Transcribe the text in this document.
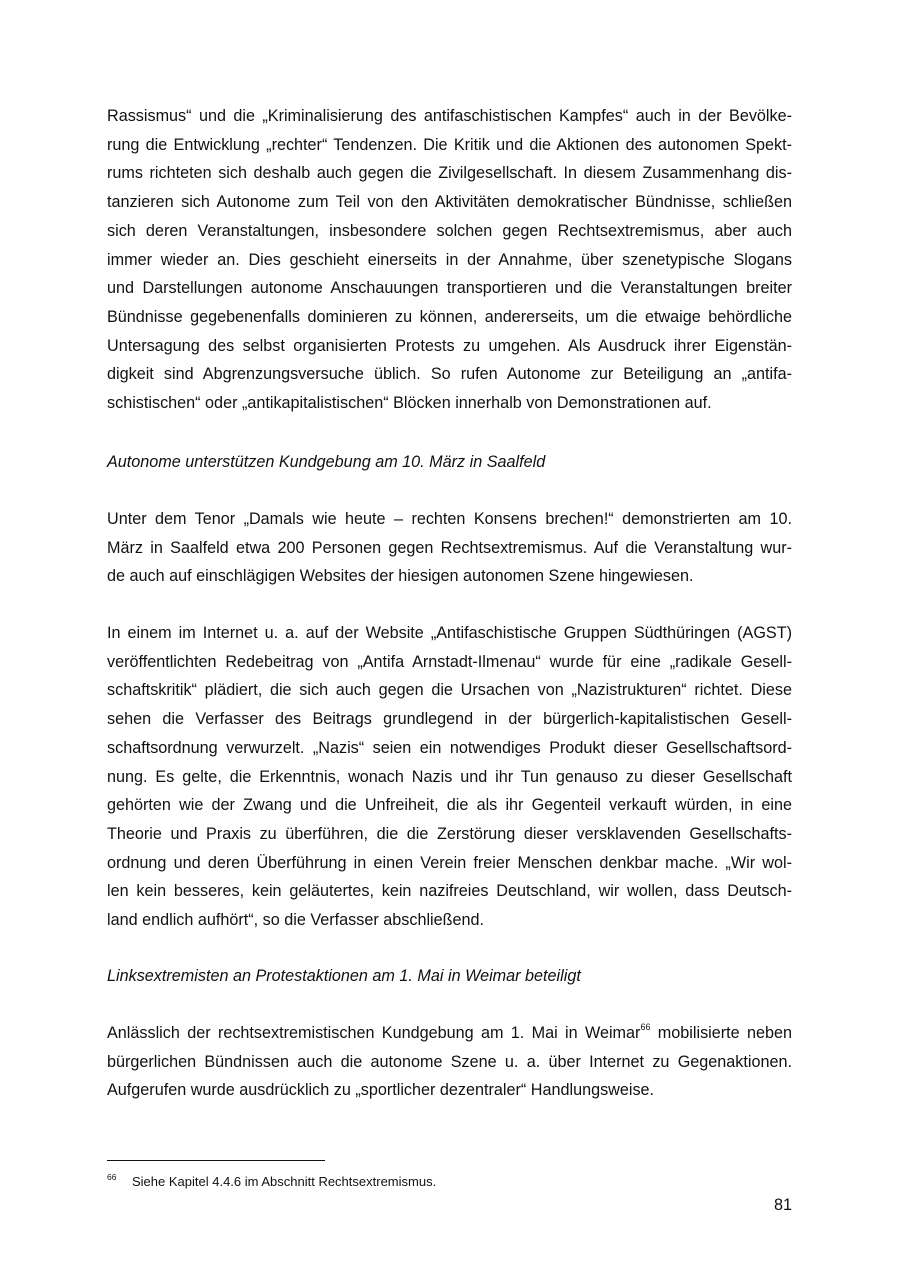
Rassismus“ und die „Kriminalisierung des antifaschistischen Kampfes“ auch in der Bevölke-
rung die Entwicklung „rechter“ Tendenzen. Die Kritik und die Aktionen des autonomen Spekt-
rums richteten sich deshalb auch gegen die Zivilgesellschaft. In diesem Zusammenhang dis-
tanzieren sich Autonome zum Teil von den Aktivitäten demokratischer Bündnisse, schließen
sich deren Veranstaltungen, insbesondere solchen gegen Rechtsextremismus, aber auch
immer wieder an. Dies geschieht einerseits in der Annahme, über szenetypische Slogans
und Darstellungen autonome Anschauungen transportieren und die Veranstaltungen breiter
Bündnisse gegebenenfalls dominieren zu können, andererseits, um die etwaige behördliche
Untersagung des selbst organisierten Protests zu umgehen. Als Ausdruck ihrer Eigenstän-
digkeit sind Abgrenzungsversuche üblich. So rufen Autonome zur Beteiligung an „antifa-
schistischen“ oder „antikapitalistischen“ Blöcken innerhalb von Demonstrationen auf.
Autonome unterstützen Kundgebung am 10. März in Saalfeld
Unter dem Tenor „Damals wie heute – rechten Konsens brechen!“ demonstrierten am 10.
März in Saalfeld etwa 200 Personen gegen Rechtsextremismus. Auf die Veranstaltung wur-
de auch auf einschlägigen Websites der hiesigen autonomen Szene hingewiesen.
In einem im Internet u. a. auf der Website „Antifaschistische Gruppen Südthüringen (AGST)
veröffentlichten Redebeitrag von „Antifa Arnstadt-Ilmenau“ wurde für eine „radikale Gesell-
schaftskritik“ plädiert, die sich auch gegen die Ursachen von „Nazistrukturen“ richtet. Diese
sehen die Verfasser des Beitrags grundlegend in der bürgerlich-kapitalistischen Gesell-
schaftsordnung verwurzelt. „Nazis“ seien ein notwendiges Produkt dieser Gesellschaftsord-
nung. Es gelte, die Erkenntnis, wonach Nazis und ihr Tun genauso zu dieser Gesellschaft
gehörten wie der Zwang und die Unfreiheit, die als ihr Gegenteil verkauft würden, in eine
Theorie und Praxis zu überführen, die die Zerstörung dieser versklavenden Gesellschafts-
ordnung und deren Überführung in einen Verein freier Menschen denkbar mache. „Wir wol-
len kein besseres, kein geläutertes, kein nazifreies Deutschland, wir wollen, dass Deutsch-
land endlich aufhört“, so die Verfasser abschließend.
Linksextremisten an Protestaktionen am 1. Mai in Weimar beteiligt
Anlässlich der rechtsextremistischen Kundgebung am 1. Mai in Weimar$^{66}$ mobilisierte neben
bürgerlichen Bündnissen auch die autonome Szene u. a. über Internet zu Gegenaktionen.
Aufgerufen wurde ausdrücklich zu „sportlicher dezentraler“ Handlungsweise.
66 Siehe Kapitel 4.4.6 im Abschnitt Rechtsextremismus.
81
